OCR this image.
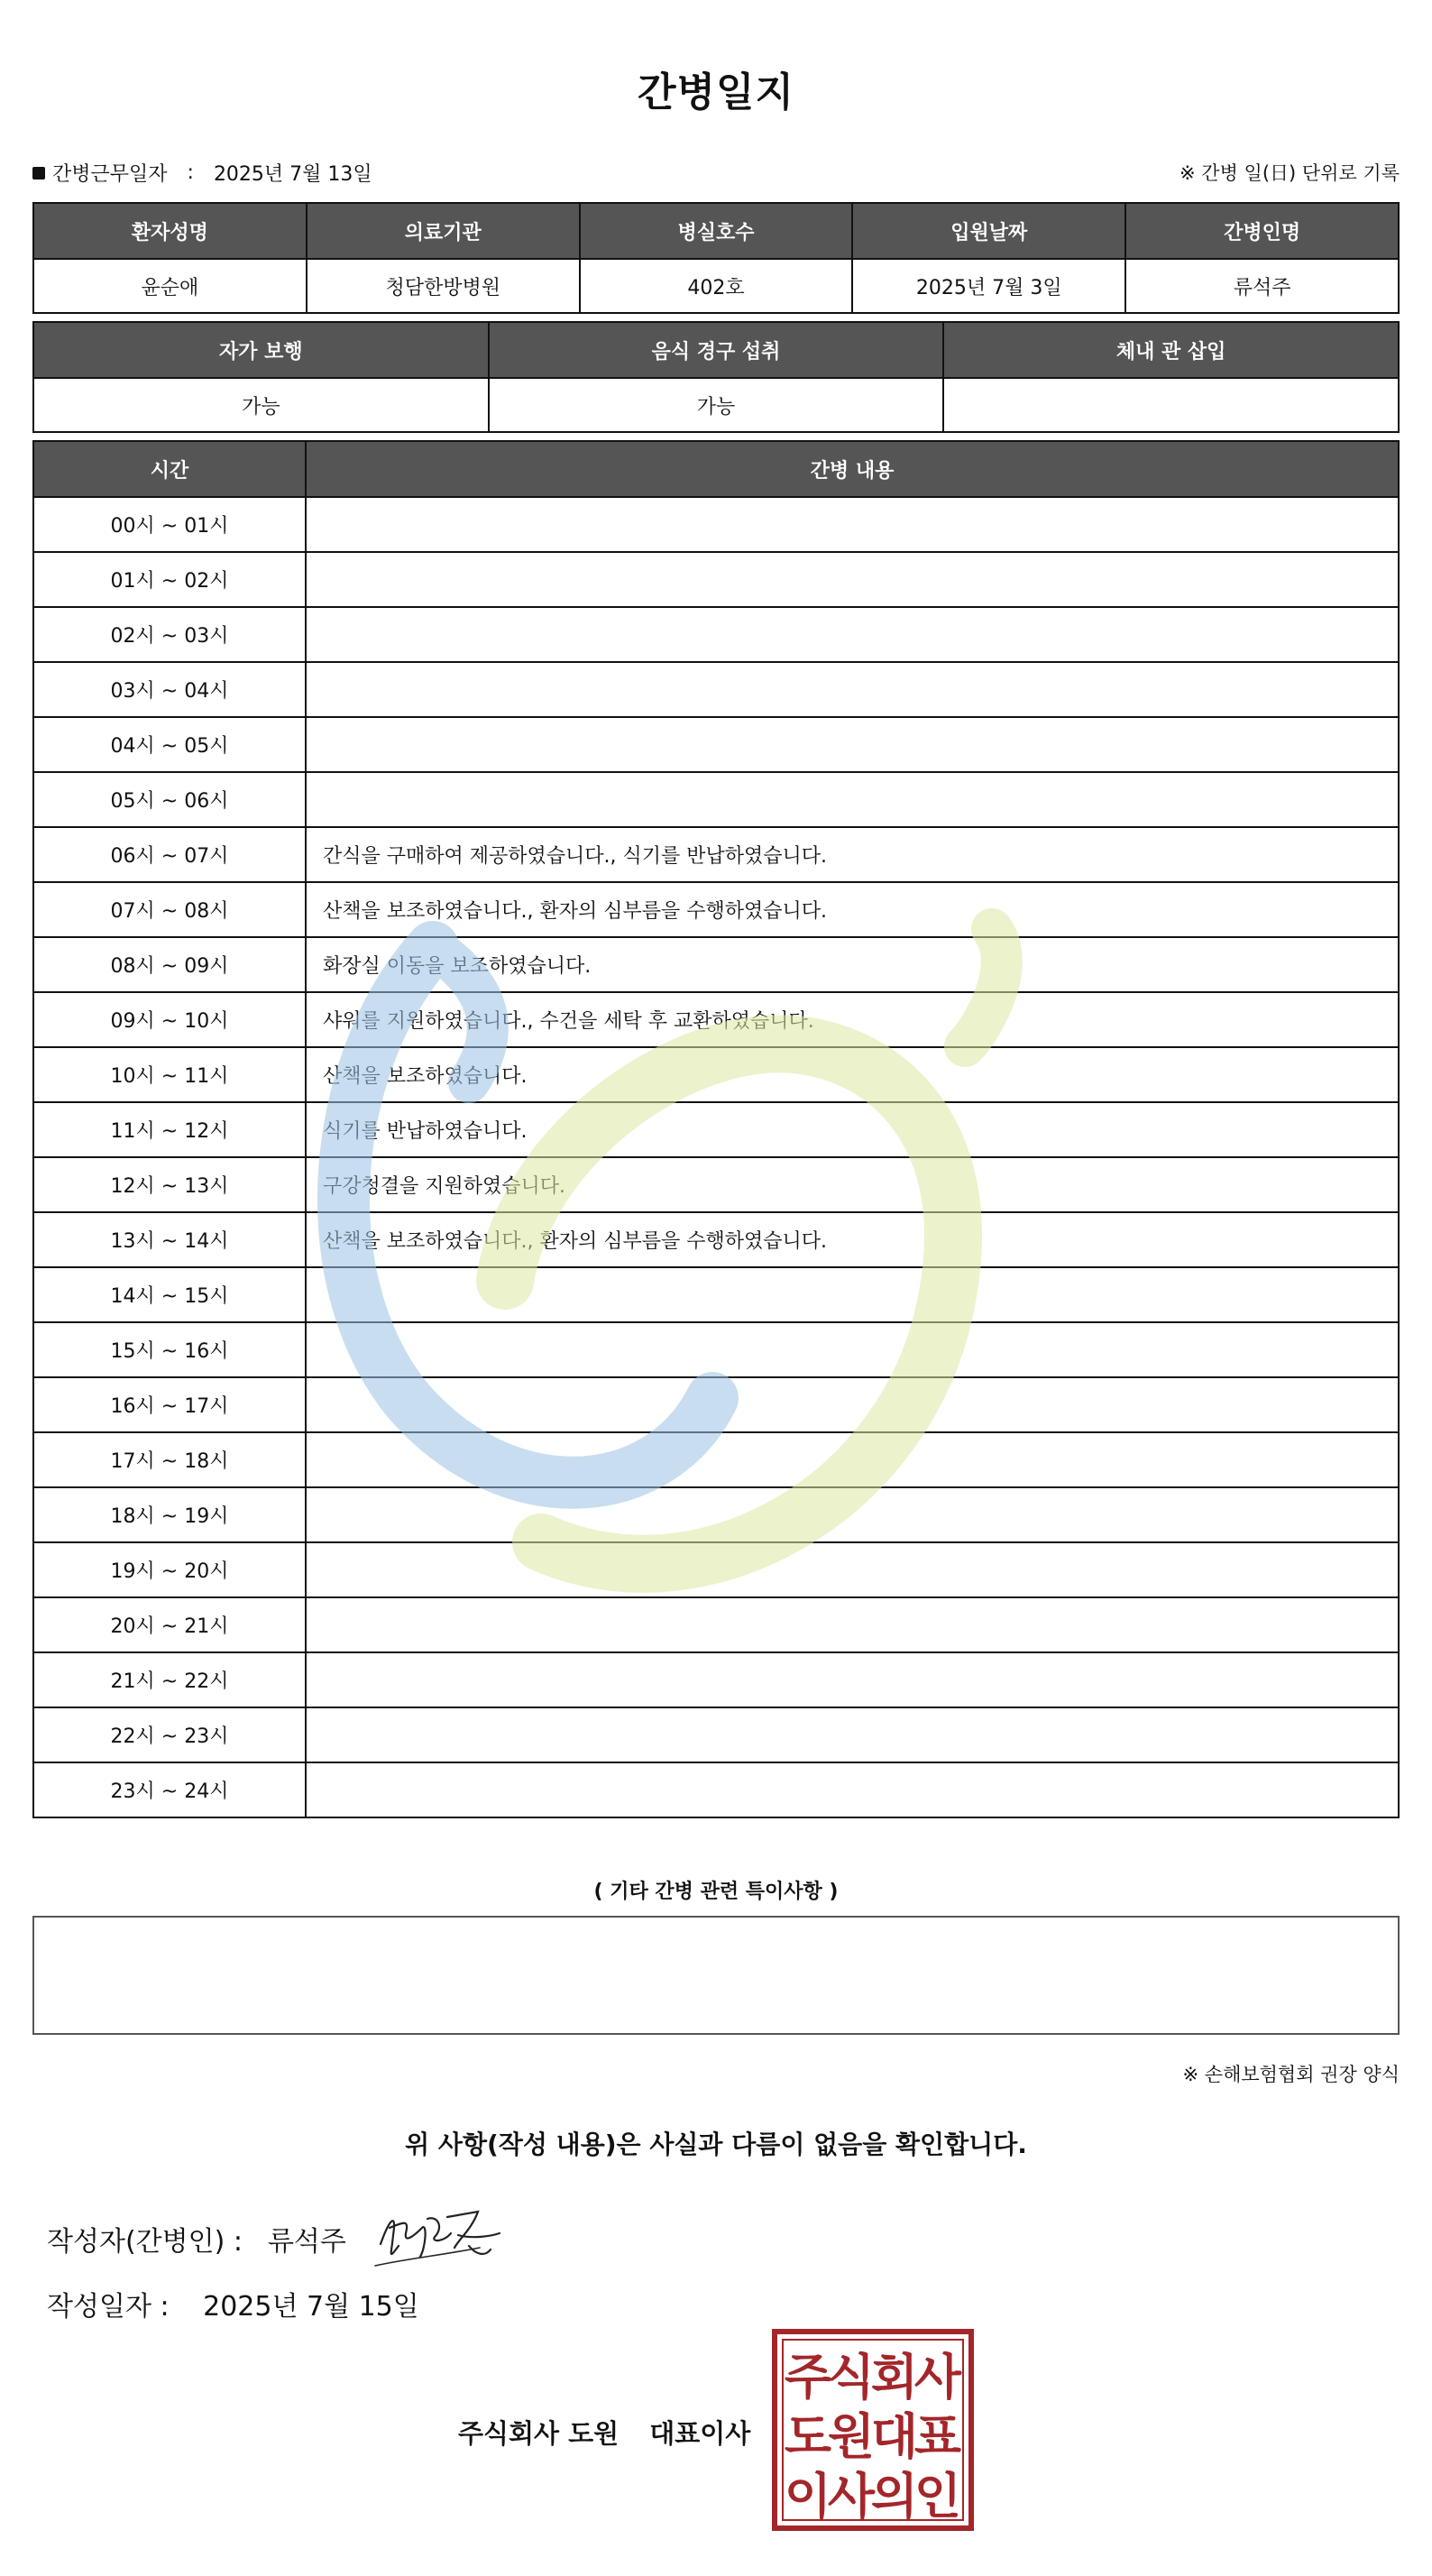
간병일지
간병근무일자 : 2025년 7월 13일	※ 간병 일(日) 단위로 기록
환자성명	의료기관	병실호수	입원날짜	간병인명
윤순애	청담한방병원	402호	2025년 7월 3일	류석주
자가 보행	음식 경구 섭취	체내 관 삽입
가능	가능	
시간	간병 내용
00시 ~ 01시	
01시 ~ 02시	
02시 ~ 03시	
03시 ~ 04시	
04시 ~ 05시	
05시 ~ 06시	
06시 ~ 07시	간식을 구매하여 제공하였습니다., 식기를 반납하였습니다.
07시 ~ 08시	산책을 보조하였습니다., 환자의 심부름을 수행하였습니다.
08시 ~ 09시	화장실 이동을 보조하였습니다.
09시 ~ 10시	샤워를 지원하였습니다., 수건을 세탁 후 교환하였습니다.
10시 ~ 11시	산책을 보조하였습니다.
11시 ~ 12시	식기를 반납하였습니다.
12시 ~ 13시	구강청결을 지원하였습니다.
13시 ~ 14시	산책을 보조하였습니다., 환자의 심부름을 수행하였습니다.
14시 ~ 15시	
15시 ~ 16시	
16시 ~ 17시	
17시 ~ 18시	
18시 ~ 19시	
19시 ~ 20시	
20시 ~ 21시	
21시 ~ 22시	
22시 ~ 23시	
23시 ~ 24시	
( 기타 간병 관련 특이사항 )
※ 손해보험협회 권장 양식
위 사항(작성 내용)은 사실과 다름이 없음을 확인합니다.
작성자(간병인) : 류석주
작성일자 : 2025년 7월 15일
주식회사 도원 대표이사
주
식
회
사
도
원
대
표
이
사
의
인
